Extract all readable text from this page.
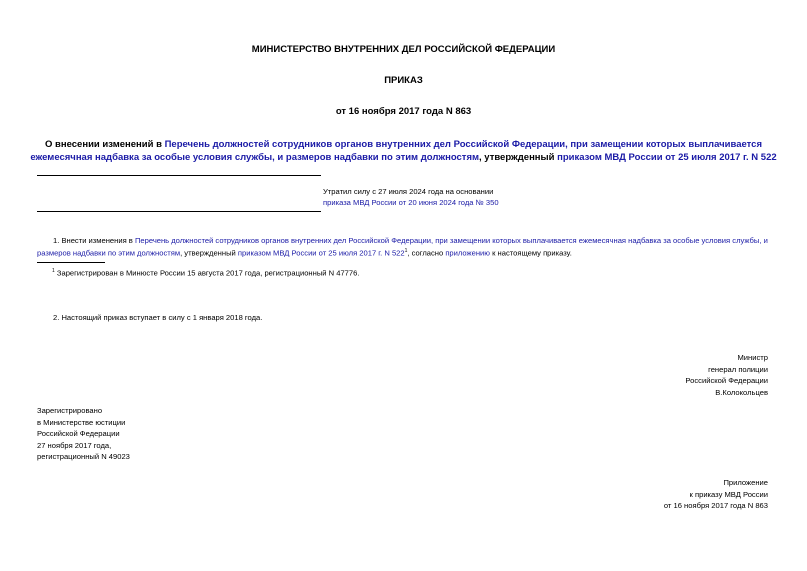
МИНИСТЕРСТВО ВНУТРЕННИХ ДЕЛ РОССИЙСКОЙ ФЕДЕРАЦИИ
ПРИКАЗ
от 16 ноября 2017 года N 863
О внесении изменений в Перечень должностей сотрудников органов внутренних дел Российской Федерации, при замещении которых выплачивается ежемесячная надбавка за особые условия службы, и размеров надбавки по этим должностям, утвержденный приказом МВД России от 25 июля 2017 г. N 522
Утратил силу с 27 июля 2024 года на основании
приказа МВД России от 20 июня 2024 года № 350
1. Внести изменения в Перечень должностей сотрудников органов внутренних дел Российской Федерации, при замещении которых выплачивается ежемесячная надбавка за особые условия службы, и размеров надбавки по этим должностям, утвержденный приказом МВД России от 25 июля 2017 г. N $522^1$, согласно приложению к настоящему приказу.
$^1$ Зарегистрирован в Минюсте России 15 августа 2017 года, регистрационный N 47776.
2. Настоящий приказ вступает в силу с 1 января 2018 года.
Министр
генерал полиции
Российской Федерации
В.Колокольцев
Зарегистрировано
в Министерстве юстиции
Российской Федерации
27 ноября 2017 года,
регистрационный N 49023
Приложение
к приказу МВД России
от 16 ноября 2017 года N 863
